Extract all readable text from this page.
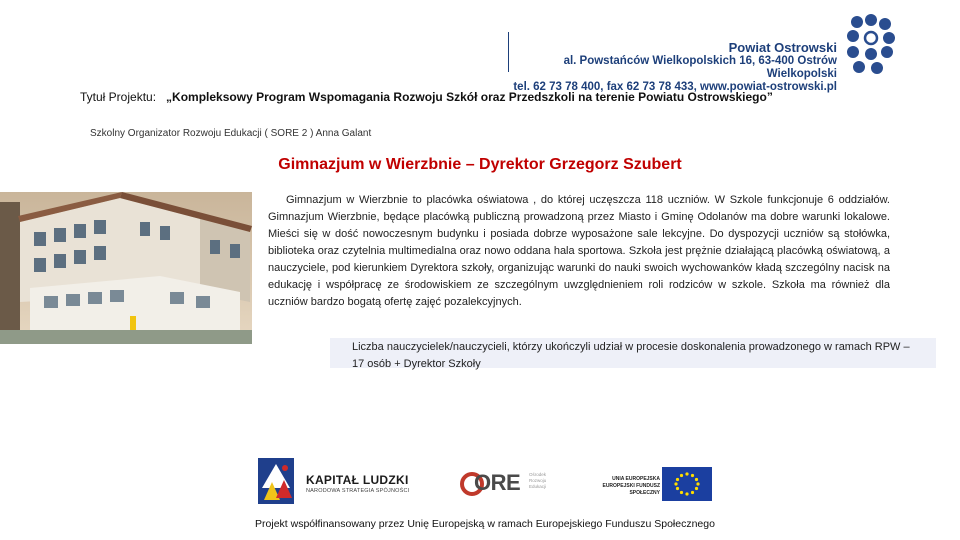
Powiat Ostrowski
al. Powstańców Wielkopolskich 16, 63-400 Ostrów Wielkopolski
tel. 62 73 78 400, fax 62 73 78 433, www.powiat-ostrowski.pl
Tytuł Projektu: „Kompleksowy Program Wspomagania Rozwoju Szkół oraz Przedszkoli na terenie Powiatu Ostrowskiego”
Szkolny Organizator Rozwoju Edukacji ( SORE 2 ) Anna Galant
Gimnazjum w Wierzbnie – Dyrektor Grzegorz Szubert

Gimnazjum w Wierzbnie to placówka oświatowa , do której uczęszcza 118 uczniów. W Szkole funkcjonuje 6 oddziałów. Gimnazjum Wierzbnie, będące placówką publiczną prowadzoną przez Miasto i Gminę Odolanów ma dobre warunki lokalowe. Mieści się w dość nowoczesnym budynku i posiada dobrze wyposażone sale lekcyjne. Do dyspozycji uczniów są stołówka, biblioteka oraz czytelnia multimedialna oraz nowo oddana hala sportowa. Szkoła jest prężnie działającą placówką oświatową, a nauczyciele, pod kierunkiem Dyrektora szkoły, organizując warunki do nauki swoich wychowanków kładą szczególny nacisk na edukację i współpracę ze środowiskiem ze szczególnym uwzględnieniem roli rodziców w szkole. Szkoła ma również dla uczniów bardzo bogatą ofertę zajęć pozalekcyjnych.

Liczba nauczycielek/nauczycieli, którzy ukończyli udział w procesie doskonalenia prowadzonego w ramach RPW – 17 osób + Dyrektor Szkoły
KAPITAŁ LUDZKI
NARODOWA STRATEGIA SPÓJNOŚCI	ORE Ośrodek Rozwoju Edukacji
UNIA EUROPEJSKA EUROPEJSKI FUNDUSZ SPOŁECZNY
Projekt współfinansowany przez Unię Europejską w ramach Europejskiego Funduszu Społecznego
